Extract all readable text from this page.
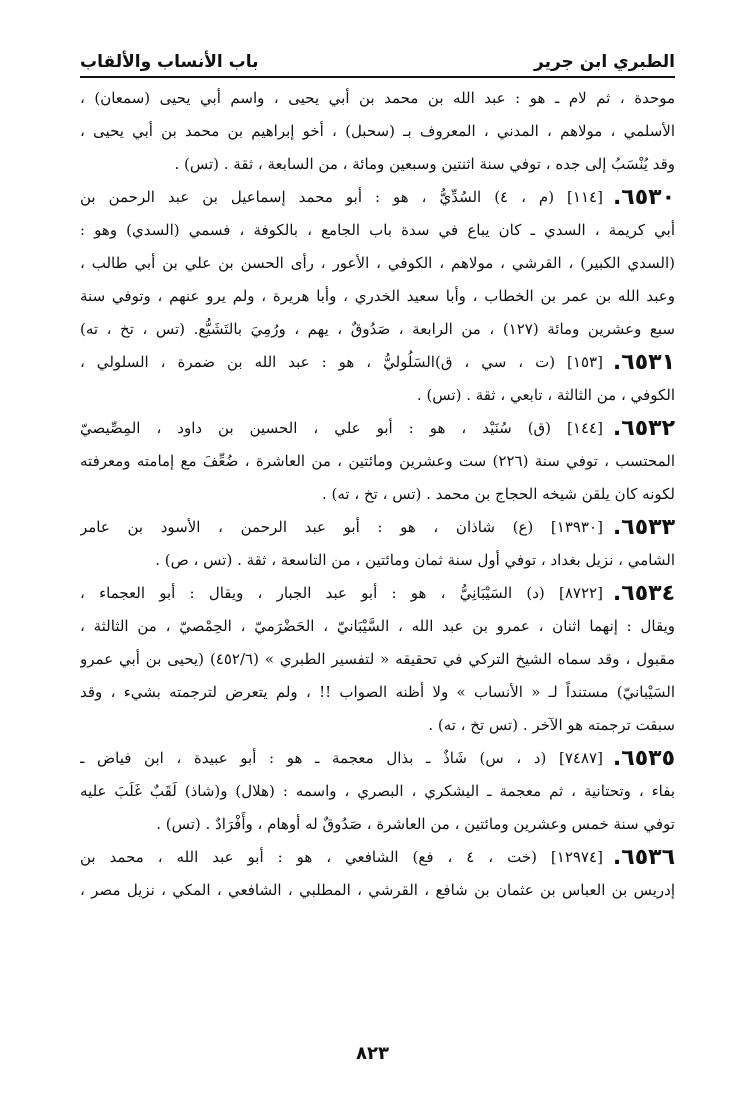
الطبري ابن جرير
باب الأنساب والألقاب
موحدة ، ثم لام ـ هو : عبد الله بن محمد بن أبي يحيى ، واسم أبي يحيى (سمعان) ،
الأسلمي ، مولاهم ، المدني ، المعروف بـ (سحبل) ، أخو إبراهيم بن محمد بن أبي يحيى ،
وقد يُنْسَبُ إلى جده ، توفي سنة اثنتين وسبعين ومائة ، من السابعة ، ثقة . (تس) .
٦٥٣٠.[١١٤] (م ، ٤) السُدِّيُّ ، هو : أبو محمد إسماعيل بن عبد الرحمن بن
أبي كريمة ، السدي ـ كان يباع في سدة باب الجامع ، بالكوفة ، فسمي (السدي) وهو :
(السدي الكبير) ، القرشي ، مولاهم ، الكوفي ، الأعور ، رأى الحسن بن علي بن أبي طالب ،
وعبد الله بن عمر بن الخطاب ، وأبا سعيد الخدري ، وأبا هريرة ، ولم يرو عنهم ، وتوفي سنة
سبع وعشرين ومائة (١٢٧) ، من الرابعة ، صَدُوقٌ ، يهم ، ورُمِيَ بالتَشَيُّع. (تس ، تخ ، ته)
٦٥٣١.[١٥٣] (ت ، سي ، ق)السَلُوليُّ ، هو : عبد الله بن ضمرة ، السلولي ،
الكوفي ، من الثالثة ، تابعي ، ثقة . (تس) .
٦٥٣٢.[١٤٤] (ق) سُنَيْد ، هو : أبو علي ، الحسين بن داود ، المِصِّيصيّ
المحتسب ، توفي سنة (٢٢٦) ست وعشرين ومائتين ، من العاشرة ، ضُعِّفَ مع إمامته ومعرفته
لكونه كان يلقن شيخه الحجاج بن محمد . (تس ، تخ ، ته) .
٦٥٣٣.[١٣٩٣٠] (ع) شاذان ، هو : أبو عبد الرحمن ، الأسود بن عامر
الشامي ، نزيل بغداد ، توفي أول سنة ثمان ومائتين ، من التاسعة ، ثقة . (تس ، ص) .
٦٥٣٤.[٨٧٢٢] (د) السَيْبَانِيُّ ، هو : أبو عبد الجبار ، ويقال : أبو العجماء ،
ويقال : إنهما اثنان ، عمرو بن عبد الله ، السَّيْبَانيّ ، الحَضْرَميّ ، الحِمْصيّ ، من الثالثة ،
مقبول ، وقد سماه الشيخ التركي في تحقيقه « لتفسير الطبري » (٤٥٢/٦) (يحيى بن أبي عمرو
السَيْبانيّ) مستنداً لـ « الأنساب » ولا أظنه الصواب !! ، ولم يتعرض لترجمته بشيء ، وقد
سبقت ترجمته هو الآخر . (تس تخ ، ته) .
٦٥٣٥.[٧٤٨٧] (د ، س) شَاذٌ ـ بذال معجمة ـ هو : أبو عبيدة ، ابن فياض ـ
بفاء ، وتحتانية ، ثم معجمة ـ اليشكري ، البصري ، واسمه : (هلال) و(شاذ) لَقَبٌ غَلَبَ عليه
توفي سنة خمس وعشرين ومائتين ، من العاشرة ، صَدُوقٌ له أوهام ، وأَفْرَادٌ . (تس) .
٦٥٣٦.[١٢٩٧٤] (خت ، ٤ ، فع) الشافعي ، هو : أبو عبد الله ، محمد بن
إدريس بن العباس بن عثمان بن شافع ، القرشي ، المطلبي ، الشافعي ، المكي ، نزيل مصر ،
٨٢٣
